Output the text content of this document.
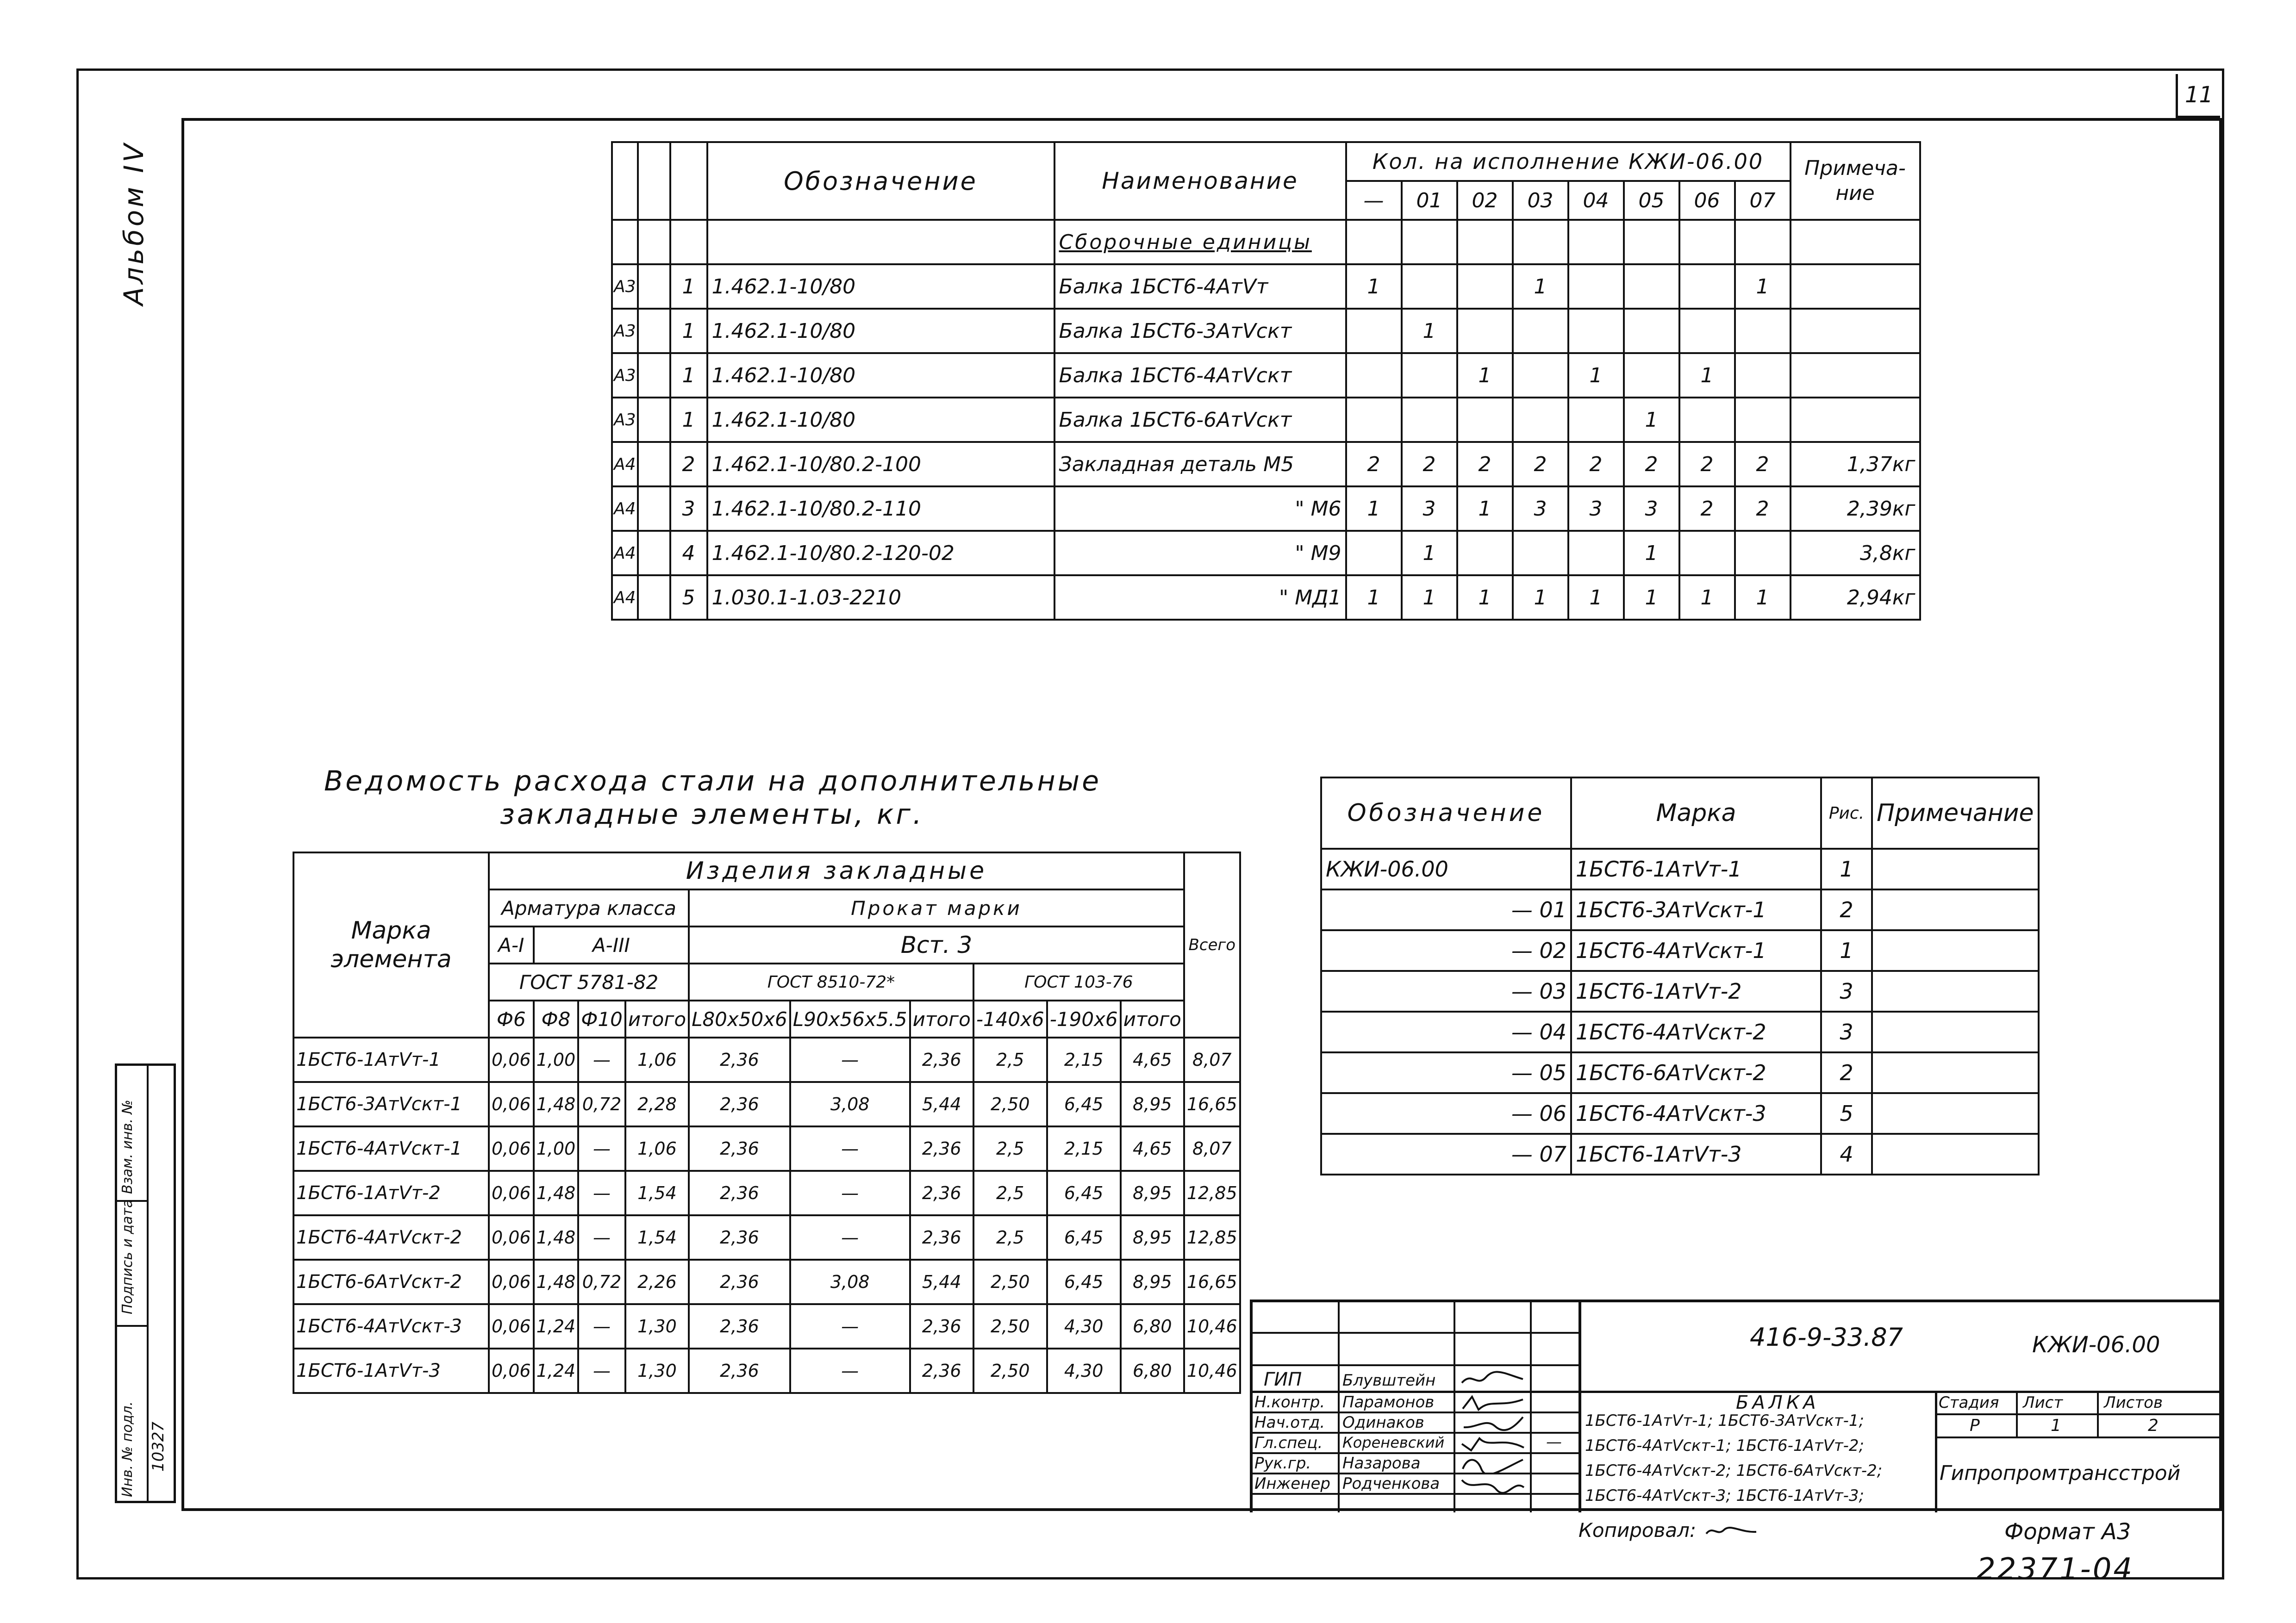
11
Альбом IV
Инв. № подл.
Подпись и дата
Взам. инв. №
10327
			Обозначение	Наименование	Кол. на исполнение КЖИ-06.00								Примеча- ние
					—	01	02	03	04	05	06	07	
				Сборочные единицы									
А3		1	1.462.1-10/80	Балка 1БСТ6-4АтVт	1			1				1	
А3		1	1.462.1-10/80	Балка 1БСТ6-3АтVскт		1							
А3		1	1.462.1-10/80	Балка 1БСТ6-4АтVскт			1		1		1		
А3		1	1.462.1-10/80	Балка 1БСТ6-6АтVскт						1			
А4		2	1.462.1-10/80.2-100	Закладная деталь М5	2	2	2	2	2	2	2	2	1,37кг
А4		3	1.462.1-10/80.2-110	" М6	1	3	1	3	3	3	2	2	2,39кг
А4		4	1.462.1-10/80.2-120-02	" М9		1				1			3,8кг
А4		5	1.030.1-1.03-2210	" МД1	1	1	1	1	1	1	1	1	2,94кг
Ведомость расхода стали на дополнительные
закладные элементы, кг.
Марка элемента	Изделия закладные										Всего
	Арматура класса				Прокат марки						
	А-I	А-III			Вст. 3						
	ГОСТ 5781-82				ГОСТ 8510-72*			ГОСТ 103-76			
	Ф6	Ф8	Ф10	итого	L80x50x6	L90x56x5.5	итого	-140x6	-190x6	итого	
1БСТ6-1АтVт-1	0,06	1,00	—	1,06	2,36	—	2,36	2,5	2,15	4,65	8,07
1БСТ6-3АтVскт-1	0,06	1,48	0,72	2,28	2,36	3,08	5,44	2,50	6,45	8,95	16,65
1БСТ6-4АтVскт-1	0,06	1,00	—	1,06	2,36	—	2,36	2,5	2,15	4,65	8,07
1БСТ6-1АтVт-2	0,06	1,48	—	1,54	2,36	—	2,36	2,5	6,45	8,95	12,85
1БСТ6-4АтVскт-2	0,06	1,48	—	1,54	2,36	—	2,36	2,5	6,45	8,95	12,85
1БСТ6-6АтVскт-2	0,06	1,48	0,72	2,26	2,36	3,08	5,44	2,50	6,45	8,95	16,65
1БСТ6-4АтVскт-3	0,06	1,24	—	1,30	2,36	—	2,36	2,50	4,30	6,80	10,46
1БСТ6-1АтVт-3	0,06	1,24	—	1,30	2,36	—	2,36	2,50	4,30	6,80	10,46
Обозначение	Марка	Рис.	Примечание
КЖИ-06.00	1БСТ6-1АтVт-1	1	
— 01	1БСТ6-3АтVскт-1	2	
— 02	1БСТ6-4АтVскт-1	1	
— 03	1БСТ6-1АтVт-2	3	
— 04	1БСТ6-4АтVскт-2	3	
— 05	1БСТ6-6АтVскт-2	2	
— 06	1БСТ6-4АтVскт-3	5	
— 07	1БСТ6-1АтVт-3	4	
416-9-33.87	КЖИ-06.00
ГИП	Блувштейн
Н.контр. Парамонов
Нач.отд. Одинаков
Гл.спец. Кореневский
Рук.гр. Назарова
Инженер Родченкова
—
БАЛКА
1БСТ6-1АтVт-1; 1БСТ6-3АтVскт-1;
1БСТ6-4АтVскт-1; 1БСТ6-1АтVт-2;
1БСТ6-4АтVскт-2; 1БСТ6-6АтVскт-2;
1БСТ6-4АтVскт-3; 1БСТ6-1АтVт-3;
Стадия Лист	Листов
Р	1	2
Гипропромтрансстрой
Копировал:	Формат А3
22371-04
